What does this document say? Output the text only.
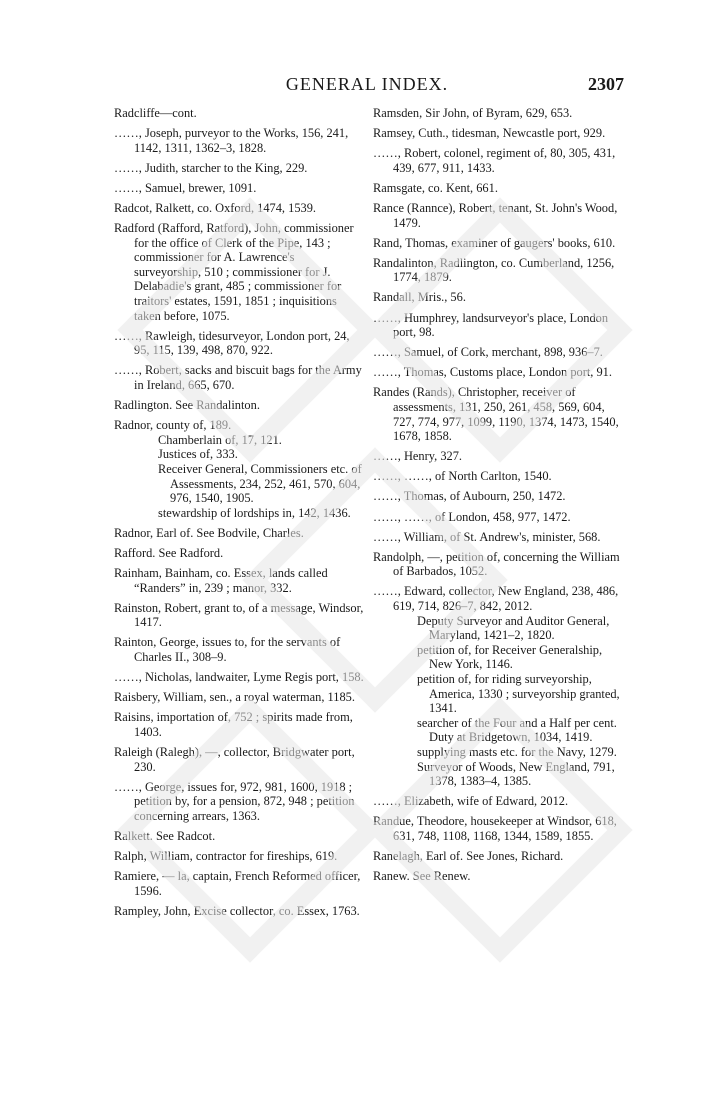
GENERAL INDEX.	2307
Radcliffe—cont.
……, Joseph, purveyor to the Works, 156, 241, 1142, 1311, 1362–3, 1828.
……, Judith, starcher to the King, 229.
……, Samuel, brewer, 1091.
Radcot, Ralkett, co. Oxford, 1474, 1539.
Radford (Rafford, Ratford), John, commissioner for the office of Clerk of the Pipe, 143 ; commissioner for A. Lawrence's surveyorship, 510 ; commissioner for J. Delabadie's grant, 485 ; commissioner for traitors' estates, 1591, 1851 ; inquisitions taken before, 1075.
……, Rawleigh, tidesurveyor, London port, 24, 95, 115, 139, 498, 870, 922.
……, Robert, sacks and biscuit bags for the Army in Ireland, 665, 670.
Radlington. See Randalinton.
Radnor, county of, 189.
Chamberlain of, 17, 121.
Justices of, 333.
Receiver General, Commissioners etc. of Assessments, 234, 252, 461, 570, 604, 976, 1540, 1905.
stewardship of lordships in, 142, 1436.
Radnor, Earl of. See Bodvile, Charles.
Rafford. See Radford.
Rainham, Bainham, co. Essex, lands called “Randers” in, 239 ; manor, 332.
Rainston, Robert, grant to, of a message, Windsor, 1417.
Rainton, George, issues to, for the servants of Charles II., 308–9.
……, Nicholas, landwaiter, Lyme Regis port, 158.
Raisbery, William, sen., a royal waterman, 1185.
Raisins, importation of, 752 ; spirits made from, 1403.
Raleigh (Ralegh), —, collector, Bridgwater port, 230.
……, George, issues for, 972, 981, 1600, 1918 ; petition by, for a pension, 872, 948 ; petition concerning arrears, 1363.
Ralkett. See Radcot.
Ralph, William, contractor for fireships, 619.
Ramiere, — la, captain, French Reformed officer, 1596.
Rampley, John, Excise collector, co. Essex, 1763.
Ramsden, Sir John, of Byram, 629, 653.
Ramsey, Cuth., tidesman, Newcastle port, 929.
……, Robert, colonel, regiment of, 80, 305, 431, 439, 677, 911, 1433.
Ramsgate, co. Kent, 661.
Rance (Rannce), Robert, tenant, St. John's Wood, 1479.
Rand, Thomas, examiner of gaugers' books, 610.
Randalinton, Radlington, co. Cumberland, 1256, 1774, 1879.
Randall, Mris., 56.
……, Humphrey, landsurveyor's place, London port, 98.
……, Samuel, of Cork, merchant, 898, 936–7.
……, Thomas, Customs place, London port, 91.
Randes (Rands), Christopher, receiver of assessments, 131, 250, 261, 458, 569, 604, 727, 774, 977, 1099, 1190, 1374, 1473, 1540, 1678, 1858.
……, Henry, 327.
……, ……, of North Carlton, 1540.
……, Thomas, of Aubourn, 250, 1472.
……, ……, of London, 458, 977, 1472.
……, William, of St. Andrew's, minister, 568.
Randolph, —, petition of, concerning the William of Barbados, 1052.
……, Edward, collector, New England, 238, 486, 619, 714, 826–7, 842, 2012.
Deputy Surveyor and Auditor General, Maryland, 1421–2, 1820.
petition of, for Receiver Generalship, New York, 1146.
petition of, for riding surveyorship, America, 1330 ; surveyorship granted, 1341.
searcher of the Four and a Half per cent. Duty at Bridgetown, 1034, 1419.
supplying masts etc. for the Navy, 1279.
Surveyor of Woods, New England, 791, 1378, 1383–4, 1385.
……, Elizabeth, wife of Edward, 2012.
Randue, Theodore, housekeeper at Windsor, 618, 631, 748, 1108, 1168, 1344, 1589, 1855.
Ranelagh, Earl of. See Jones, Richard.
Ranew. See Renew.
